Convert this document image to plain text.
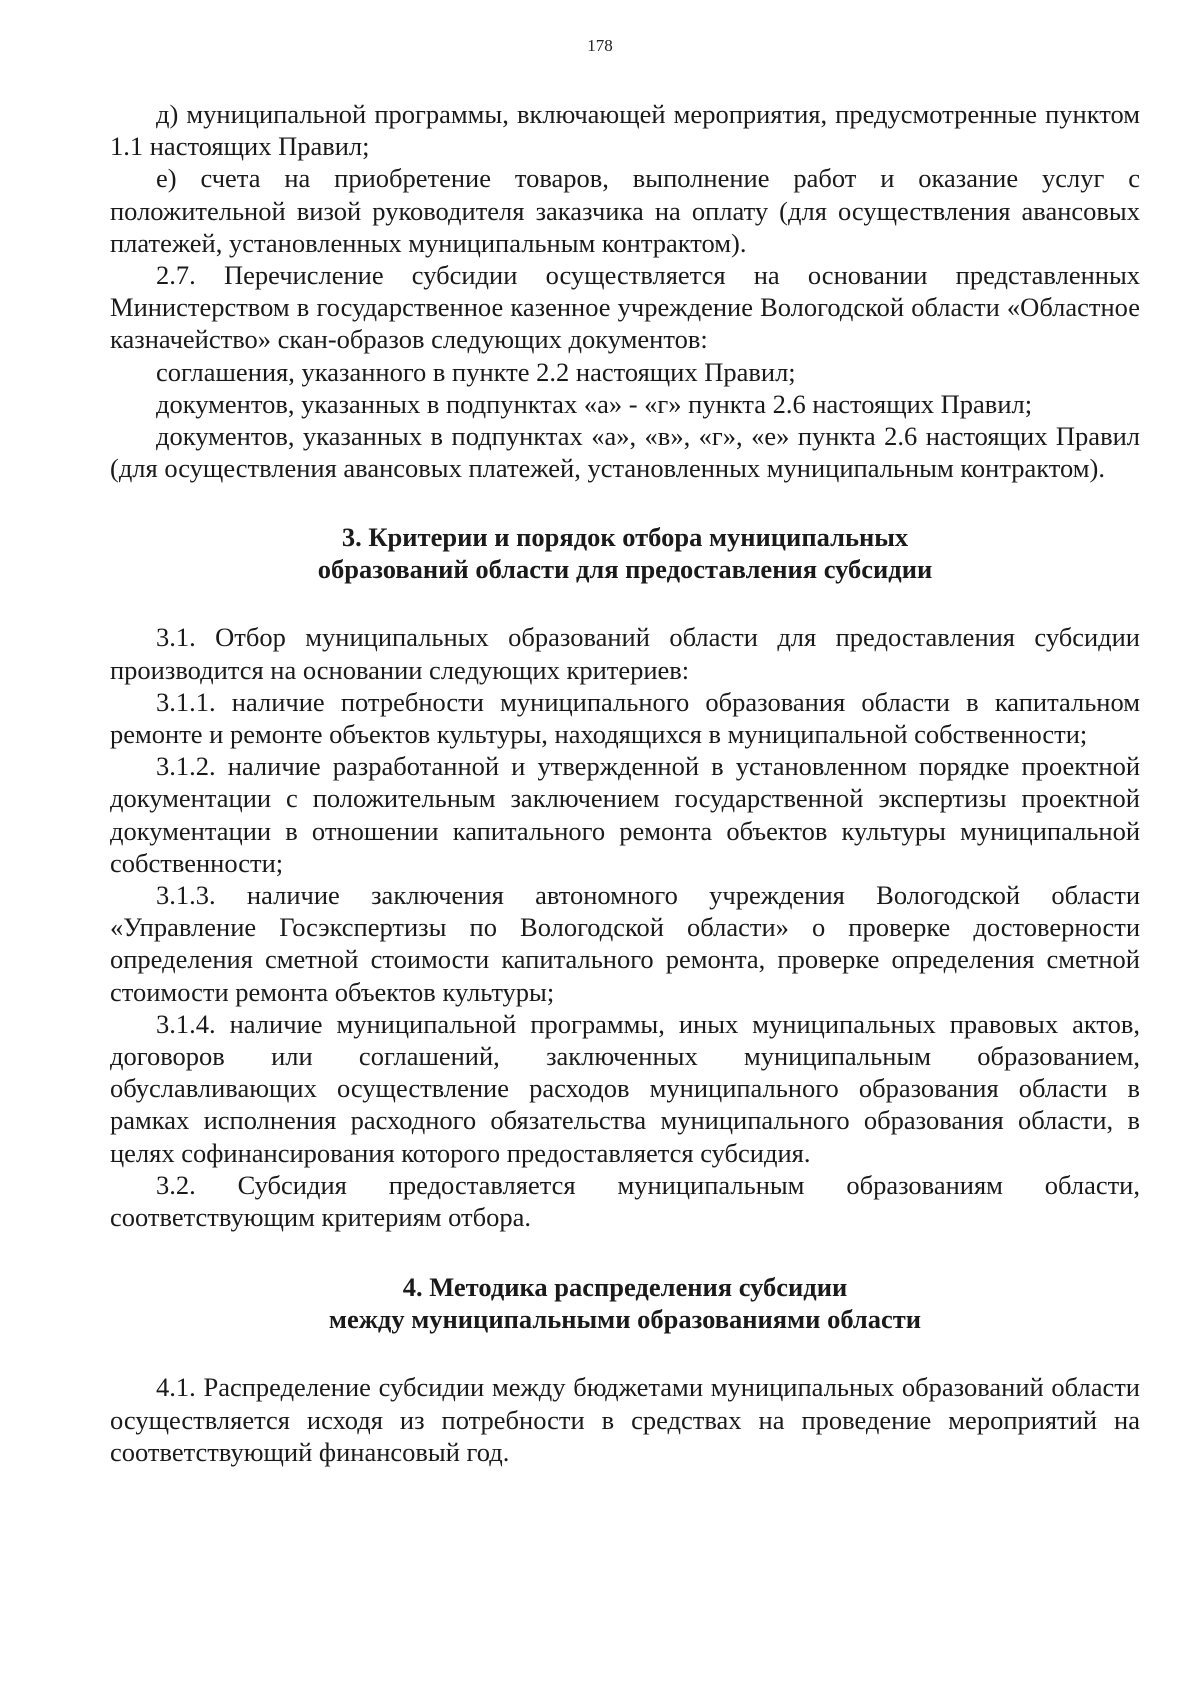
178

д) муниципальной программы, включающей мероприятия, предусмотренные пунктом 1.1 настоящих Правил;

е) счета на приобретение товаров, выполнение работ и оказание услуг с положительной визой руководителя заказчика на оплату (для осуществления авансовых платежей, установленных муниципальным контрактом).

2.7. Перечисление субсидии осуществляется на основании представленных Министерством в государственное казенное учреждение Вологодской области «Областное казначейство» скан-образов следующих документов:

соглашения, указанного в пункте 2.2 настоящих Правил;

документов, указанных в подпунктах «а» - «г» пункта 2.6 настоящих Правил;

документов, указанных в подпунктах «а», «в», «г», «е» пункта 2.6 настоящих Правил (для осуществления авансовых платежей, установленных муниципальным контрактом).

3. Критерии и порядок отбора муниципальных
образований области для предоставления субсидии

3.1. Отбор муниципальных образований области для предоставления субсидии производится на основании следующих критериев:

3.1.1. наличие потребности муниципального образования области в капитальном ремонте и ремонте объектов культуры, находящихся в муниципальной собственности;

3.1.2. наличие разработанной и утвержденной в установленном порядке проектной документации с положительным заключением государственной экспертизы проектной документации в отношении капитального ремонта объектов культуры муниципальной собственности;

3.1.3. наличие заключения автономного учреждения Вологодской области «Управление Госэкспертизы по Вологодской области» о проверке достоверности определения сметной стоимости капитального ремонта, проверке определения сметной стоимости ремонта объектов культуры;

3.1.4. наличие муниципальной программы, иных муниципальных правовых актов, договоров или соглашений, заключенных муниципальным образованием, обуславливающих осуществление расходов муниципального образования области в рамках исполнения расходного обязательства муниципального образования области, в целях софинансирования которого предоставляется субсидия.

3.2. Субсидия предоставляется муниципальным образованиям области, соответствующим критериям отбора.

4. Методика распределения субсидии
между муниципальными образованиями области

4.1. Распределение субсидии между бюджетами муниципальных образований области осуществляется исходя из потребности в средствах на проведение мероприятий на соответствующий финансовый год.
